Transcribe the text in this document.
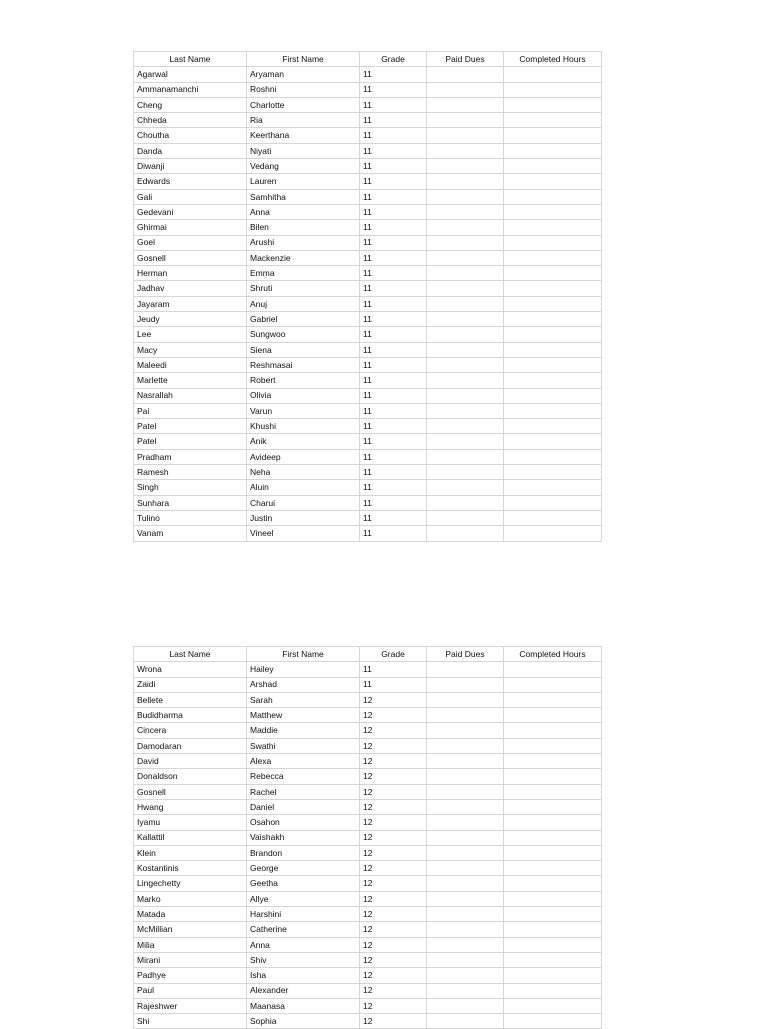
Last Name	First Name	Grade	Paid Dues	Completed Hours
Agarwal	Aryaman	11		
Ammanamanchi	Roshni	11		
Cheng	Charlotte	11		
Chheda	Ria	11		
Choutha	Keerthana	11		
Danda	Niyati	11		
Diwanji	Vedang	11		
Edwards	Lauren	11		
Gali	Samhitha	11		
Gedevani	Anna	11		
Ghirmai	Bilen	11		
Goel	Arushi	11		
Gosnell	Mackenzie	11		
Herman	Emma	11		
Jadhav	Shruti	11		
Jayaram	Anuj	11		
Jeudy	Gabriel	11		
Lee	Sungwoo	11		
Macy	Siena	11		
Maleedi	Reshmasai	11		
Marlette	Robert	11		
Nasrallah	Olivia	11		
Pai	Varun	11		
Patel	Khushi	11		
Patel	Anik	11		
Pradham	Avideep	11		
Ramesh	Neha	11		
Singh	Aluin	11		
Sunhara	Charui	11		
Tulino	Justin	11		
Vanam	Vineel	11		
Last Name	First Name	Grade	Paid Dues	Completed Hours
Wrona	Hailey	11		
Zaidi	Arshad	11		
Bellete	Sarah	12		
Budidharma	Matthew	12		
Cincera	Maddie	12		
Damodaran	Swathi	12		
David	Alexa	12		
Donaldson	Rebecca	12		
Gosnell	Rachel	12		
Hwang	Daniel	12		
Iyamu	Osahon	12		
Kallattil	Vaishakh	12		
Klein	Brandon	12		
Kostantinis	George	12		
Lingechetty	Geetha	12		
Marko	Allye	12		
Matada	Harshini	12		
McMillian	Catherine	12		
Milia	Anna	12		
Mirani	Shiv	12		
Padhye	Isha	12		
Paul	Alexander	12		
Rajeshwer	Maanasa	12		
Shi	Sophia	12		
